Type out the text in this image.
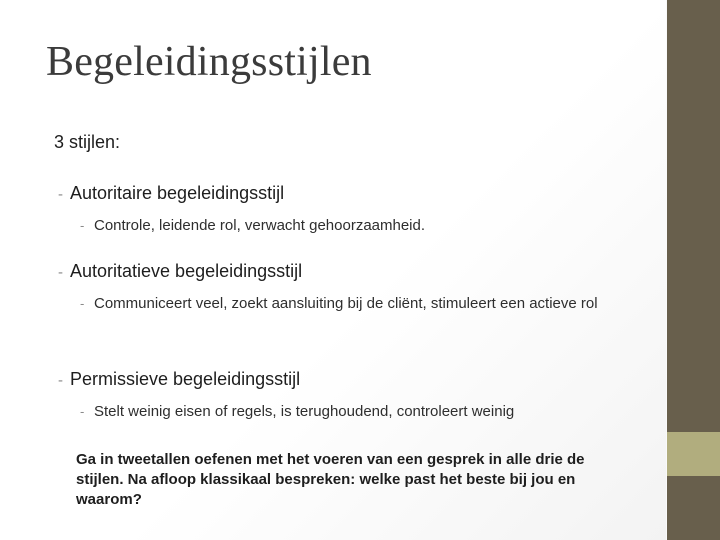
Begeleidingsstijlen
3 stijlen:
- Autoritaire begeleidingsstijl
- Controle, leidende rol, verwacht gehoorzaamheid.
- Autoritatieve begeleidingsstijl
- Communiceert veel, zoekt aansluiting bij de cliënt, stimuleert een actieve rol
- Permissieve begeleidingsstijl
- Stelt weinig eisen of regels, is terughoudend, controleert weinig
Ga in tweetallen oefenen met het voeren van een gesprek in alle drie de stijlen. Na afloop klassikaal bespreken: welke past het beste bij jou en waarom?
